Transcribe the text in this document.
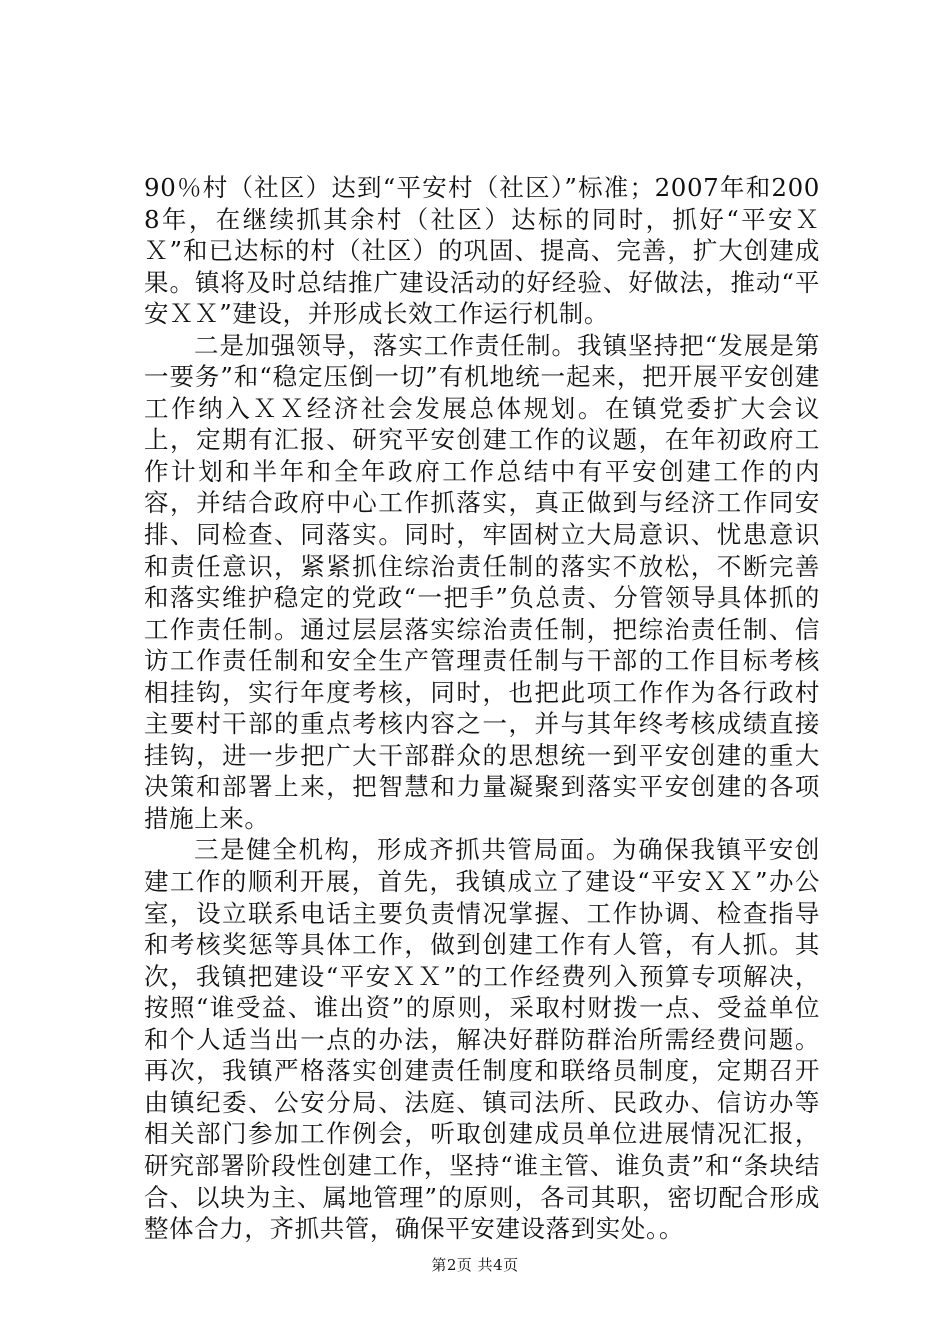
90％村（社区）达到“平安村（社区）”标准；2007年和2008年，在继续抓其余村（社区）达标的同时，抓好“平安ＸＸ”和已达标的村（社区）的巩固、提高、完善，扩大创建成果。镇将及时总结推广建设活动的好经验、好做法，推动“平安ＸＸ”建设，并形成长效工作运行机制。

二是加强领导，落实工作责任制。我镇坚持把“发展是第一要务”和“稳定压倒一切”有机地统一起来，把开展平安创建工作纳入ＸＸ经济社会发展总体规划。在镇党委扩大会议上，定期有汇报、研究平安创建工作的议题，在年初政府工作计划和半年和全年政府工作总结中有平安创建工作的内容，并结合政府中心工作抓落实，真正做到与经济工作同安排、同检查、同落实。同时，牢固树立大局意识、忧患意识和责任意识，紧紧抓住综治责任制的落实不放松，不断完善和落实维护稳定的党政“一把手”负总责、分管领导具体抓的工作责任制。通过层层落实综治责任制，把综治责任制、信访工作责任制和安全生产管理责任制与干部的工作目标考核相挂钩，实行年度考核，同时，也把此项工作作为各行政村主要村干部的重点考核内容之一，并与其年终考核成绩直接挂钩，进一步把广大干部群众的思想统一到平安创建的重大决策和部署上来，把智慧和力量凝聚到落实平安创建的各项措施上来。

三是健全机构，形成齐抓共管局面。为确保我镇平安创建工作的顺利开展，首先，我镇成立了建设“平安ＸＸ”办公室，设立联系电话主要负责情况掌握、工作协调、检查指导和考核奖惩等具体工作，做到创建工作有人管，有人抓。其次，我镇把建设“平安ＸＸ”的工作经费列入预算专项解决，按照“谁受益、谁出资”的原则，采取村财拨一点、受益单位和个人适当出一点的办法，解决好群防群治所需经费问题。再次，我镇严格落实创建责任制度和联络员制度，定期召开由镇纪委、公安分局、法庭、镇司法所、民政办、信访办等相关部门参加工作例会，听取创建成员单位进展情况汇报，研究部署阶段性创建工作，坚持“谁主管、谁负责”和“条块结合、以块为主、属地管理”的原则，各司其职，密切配合形成整体合力，齐抓共管，确保平安建设落到实处。。

第2页 共4页
